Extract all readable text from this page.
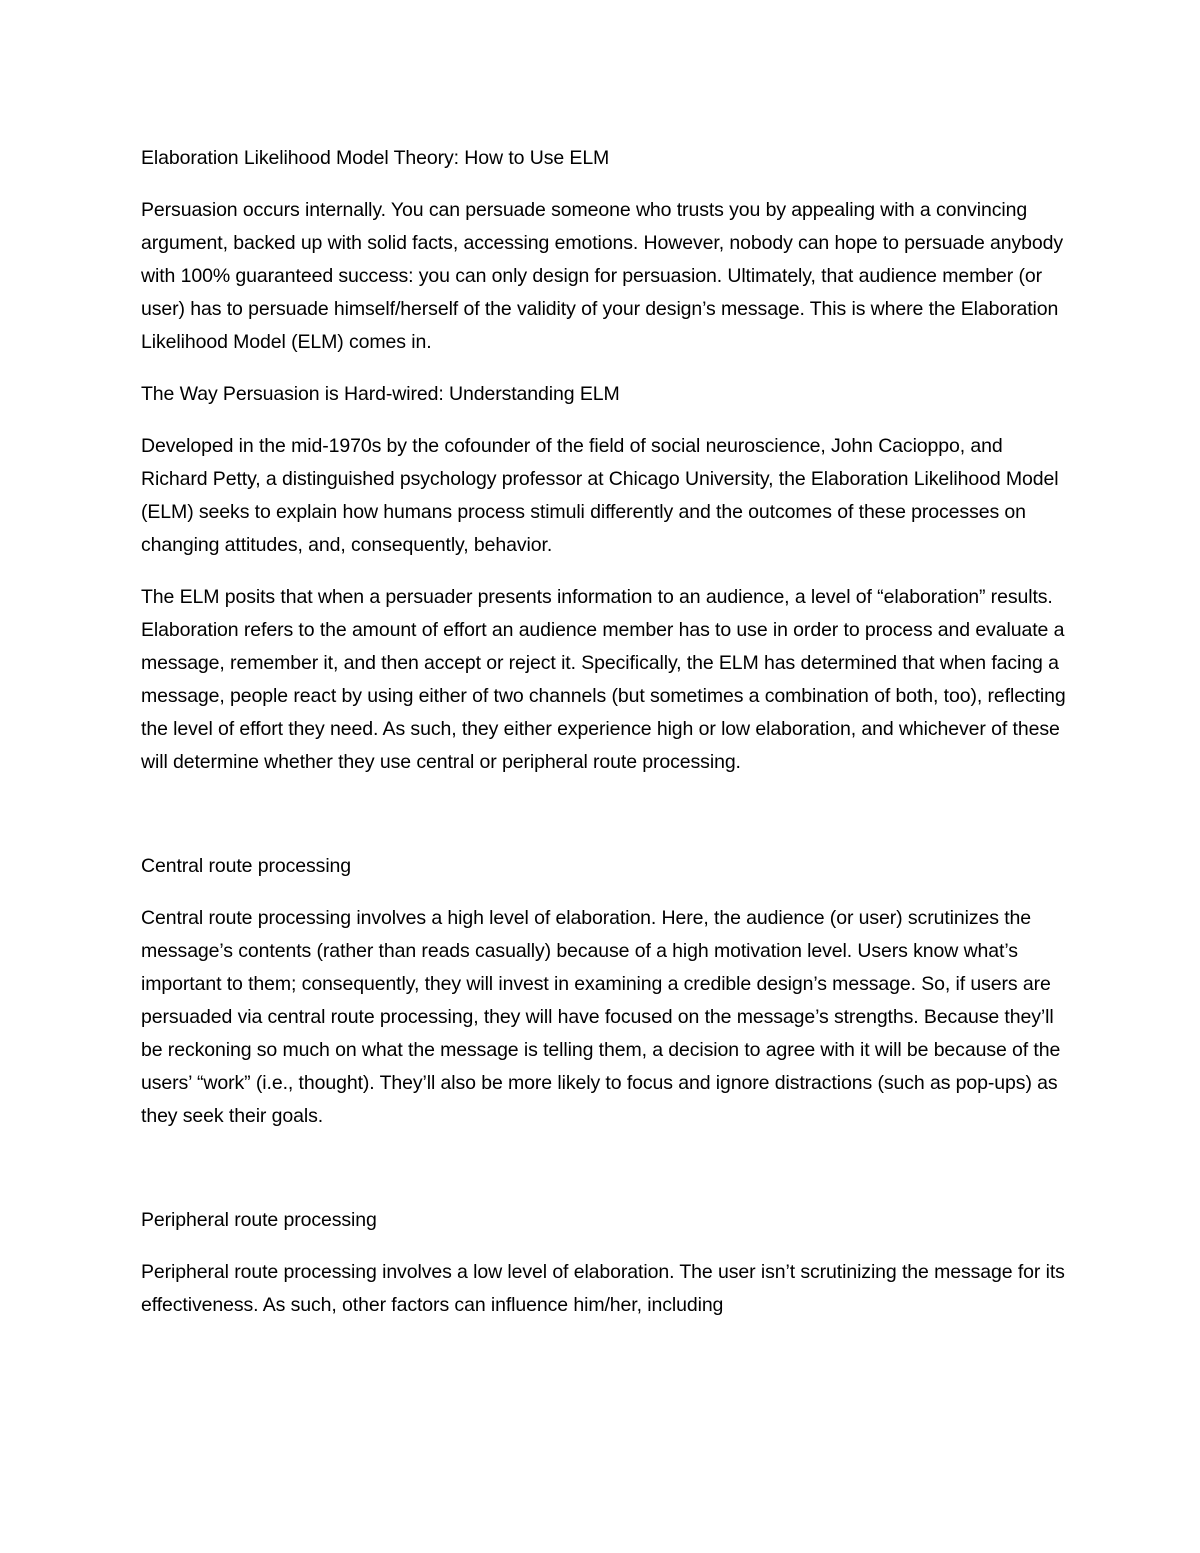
Elaboration Likelihood Model Theory: How to Use ELM

Persuasion occurs internally. You can persuade someone who trusts you by appealing with a convincing argument, backed up with solid facts, accessing emotions. However, nobody can hope to persuade anybody with 100% guaranteed success: you can only design for persuasion. Ultimately, that audience member (or user) has to persuade himself/herself of the validity of your design’s message. This is where the Elaboration Likelihood Model (ELM) comes in.

The Way Persuasion is Hard-wired: Understanding ELM

Developed in the mid-1970s by the cofounder of the field of social neuroscience, John Cacioppo, and Richard Petty, a distinguished psychology professor at Chicago University, the Elaboration Likelihood Model (ELM) seeks to explain how humans process stimuli differently and the outcomes of these processes on changing attitudes, and, consequently, behavior.

The ELM posits that when a persuader presents information to an audience, a level of “elaboration” results. Elaboration refers to the amount of effort an audience member has to use in order to process and evaluate a message, remember it, and then accept or reject it. Specifically, the ELM has determined that when facing a message, people react by using either of two channels (but sometimes a combination of both, too), reflecting the level of effort they need. As such, they either experience high or low elaboration, and whichever of these will determine whether they use central or peripheral route processing.

Central route processing

Central route processing involves a high level of elaboration. Here, the audience (or user) scrutinizes the message’s contents (rather than reads casually) because of a high motivation level. Users know what’s important to them; consequently, they will invest in examining a credible design’s message. So, if users are persuaded via central route processing, they will have focused on the message’s strengths. Because they’ll be reckoning so much on what the message is telling them, a decision to agree with it will be because of the users’ “work” (i.e., thought). They’ll also be more likely to focus and ignore distractions (such as pop-ups) as they seek their goals.

Peripheral route processing

Peripheral route processing involves a low level of elaboration. The user isn’t scrutinizing the message for its effectiveness. As such, other factors can influence him/her, including
